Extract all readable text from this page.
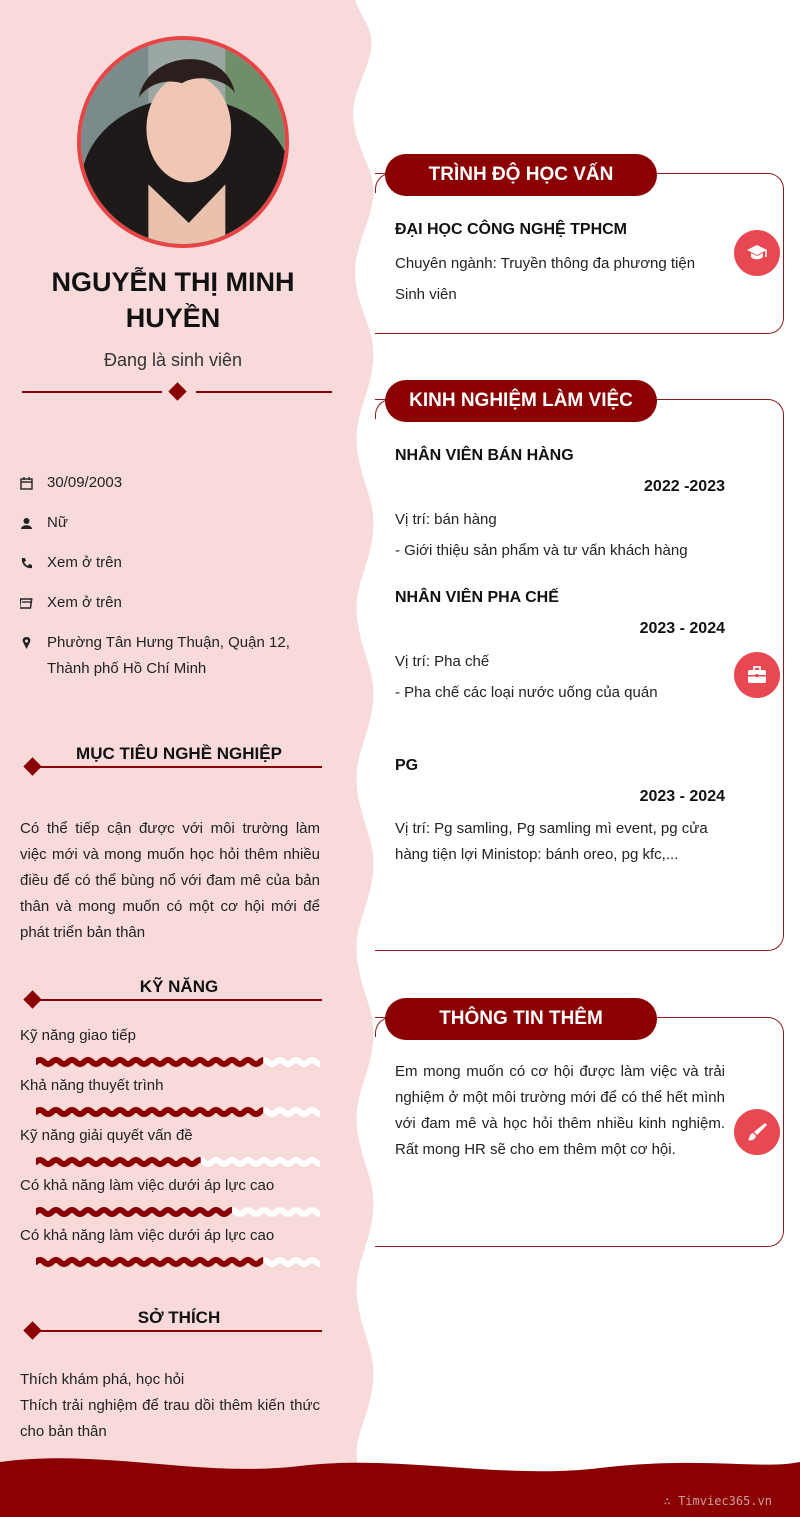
NGUYỄN THỊ MINH HUYỀN
Đang là sinh viên
30/09/2003
Nữ
Xem ở trên
Xem ở trên
Phường Tân Hưng Thuận, Quận 12, Thành phố Hồ Chí Minh
MỤC TIÊU NGHỀ NGHIỆP
Có thể tiếp cận được với môi trường làm việc mới và mong muốn học hỏi thêm nhiều điều để có thể bùng nổ với đam mê của bản thân và mong muốn có một cơ hội mới để phát triển bản thân
KỸ NĂNG
Kỹ năng giao tiếp
Khả năng thuyết trình
Kỹ năng giải quyết vấn đề
Có khả năng làm việc dưới áp lực cao
Có khả năng làm việc dưới áp lực cao
SỞ THÍCH
Thích khám phá, học hỏi
Thích trải nghiệm để trau dồi thêm kiến thức cho bản thân
TRÌNH ĐỘ HỌC VẤN
ĐẠI HỌC CÔNG NGHỆ TPHCM
Chuyên ngành: Truyền thông đa phương tiện
Sinh viên
KINH NGHIỆM LÀM VIỆC
NHÂN VIÊN BÁN HÀNG
2022 -2023
Vị trí: bán hàng
- Giới thiệu sản phẩm và tư vấn khách hàng
NHÂN VIÊN PHA CHẾ
2023 - 2024
Vị trí: Pha chế
- Pha chế các loại nước uống của quán
PG
2023 - 2024
Vị trí: Pg samling, Pg samling mì event, pg cửa hàng tiện lợi Ministop: bánh oreo, pg kfc,...
THÔNG TIN THÊM
Em mong muốn có cơ hội được làm việc và trải nghiệm ở một môi trường mới để có thể hết mình với đam mê và học hỏi thêm nhiều kinh nghiệm. Rất mong HR sẽ cho em thêm một cơ hội.
∴ Timviec365.vn
